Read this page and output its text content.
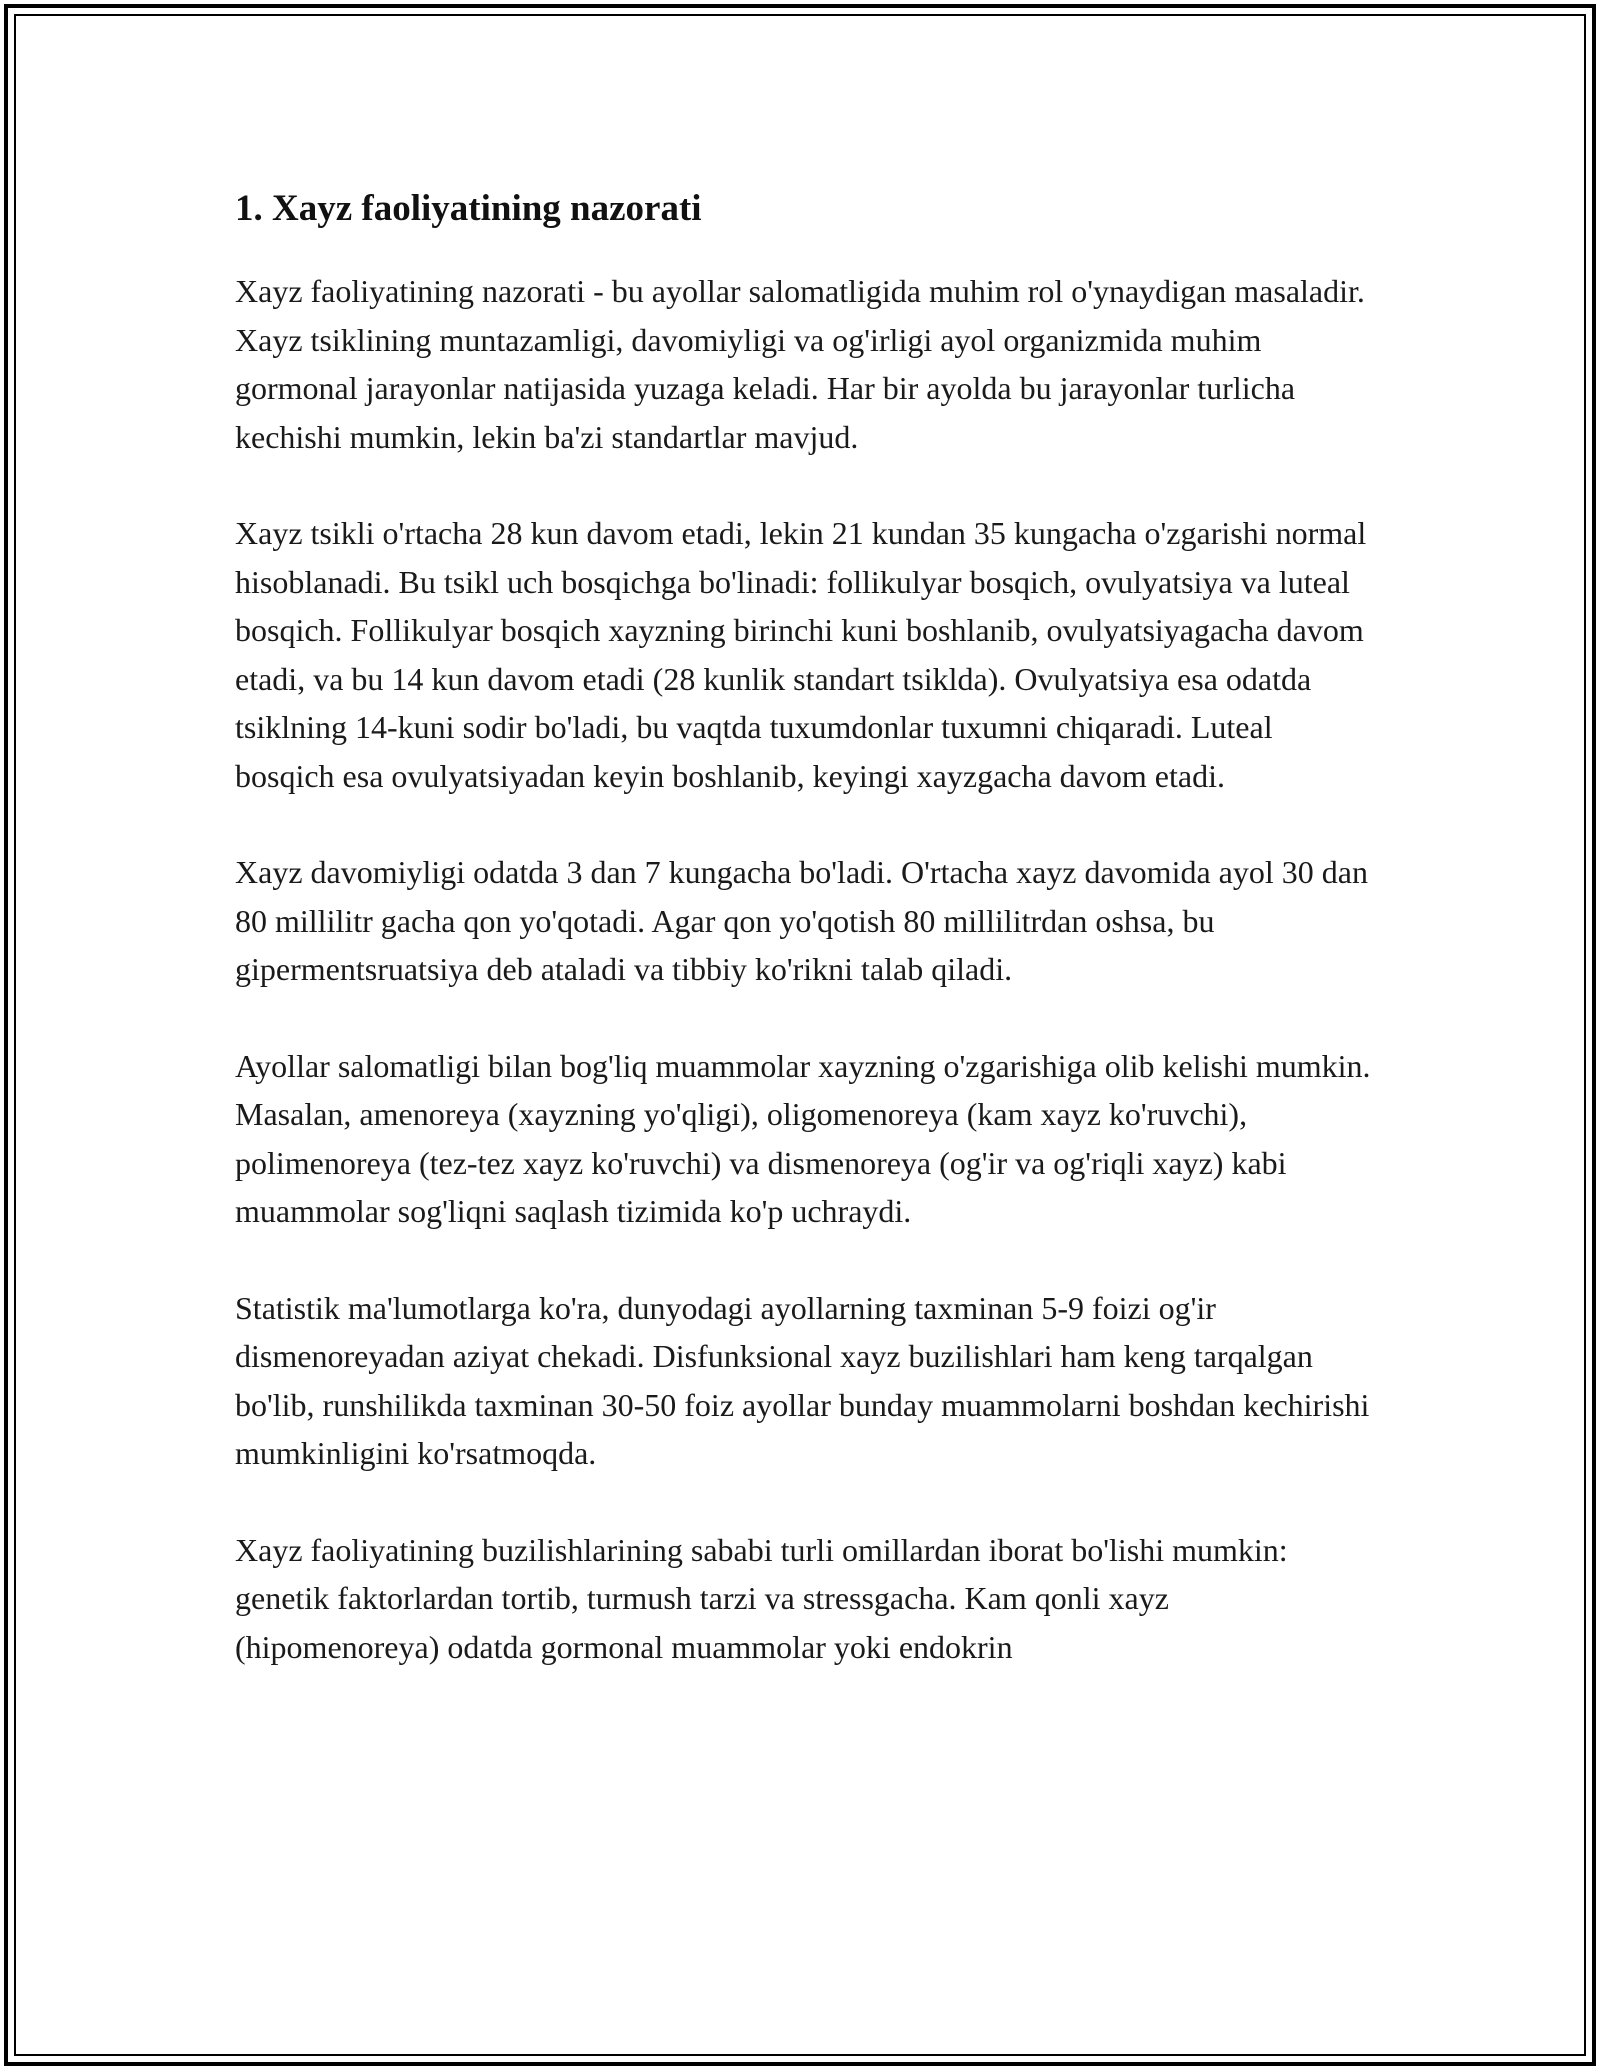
1. Xayz faoliyatining nazorati

Xayz faoliyatining nazorati - bu ayollar salomatligida muhim rol o'ynaydigan masaladir. Xayz tsiklining muntazamligi, davomiyligi va og'irligi ayol organizmida muhim gormonal jarayonlar natijasida yuzaga keladi. Har bir ayolda bu jarayonlar turlicha kechishi mumkin, lekin ba'zi standartlar mavjud.

Xayz tsikli o'rtacha 28 kun davom etadi, lekin 21 kundan 35 kungacha o'zgarishi normal hisoblanadi. Bu tsikl uch bosqichga bo'linadi: follikulyar bosqich, ovulyatsiya va luteal bosqich. Follikulyar bosqich xayzning birinchi kuni boshlanib, ovulyatsiyagacha davom etadi, va bu 14 kun davom etadi (28 kunlik standart tsiklda). Ovulyatsiya esa odatda tsiklning 14-kuni sodir bo'ladi, bu vaqtda tuxumdonlar tuxumni chiqaradi. Luteal bosqich esa ovulyatsiyadan keyin boshlanib, keyingi xayzgacha davom etadi.

Xayz davomiyligi odatda 3 dan 7 kungacha bo'ladi. O'rtacha xayz davomida ayol 30 dan 80 millilitr gacha qon yo'qotadi. Agar qon yo'qotish 80 millilitrdan oshsa, bu gipermentsruatsiya deb ataladi va tibbiy ko'rikni talab qiladi.

Ayollar salomatligi bilan bog'liq muammolar xayzning o'zgarishiga olib kelishi mumkin. Masalan, amenoreya (xayzning yo'qligi), oligomenoreya (kam xayz ko'ruvchi), polimenoreya (tez-tez xayz ko'ruvchi) va dismenoreya (og'ir va og'riqli xayz) kabi muammolar sog'liqni saqlash tizimida ko'p uchraydi.

Statistik ma'lumotlarga ko'ra, dunyodagi ayollarning taxminan 5-9 foizi og'ir dismenoreyadan aziyat chekadi. Disfunksional xayz buzilishlari ham keng tarqalgan bo'lib, runshilikda taxminan 30-50 foiz ayollar bunday muammolarni boshdan kechirishi mumkinligini ko'rsatmoqda.

Xayz faoliyatining buzilishlarining sababi turli omillardan iborat bo'lishi mumkin: genetik faktorlardan tortib, turmush tarzi va stressgacha. Kam qonli xayz (hipomenoreya) odatda gormonal muammolar yoki endokrin
